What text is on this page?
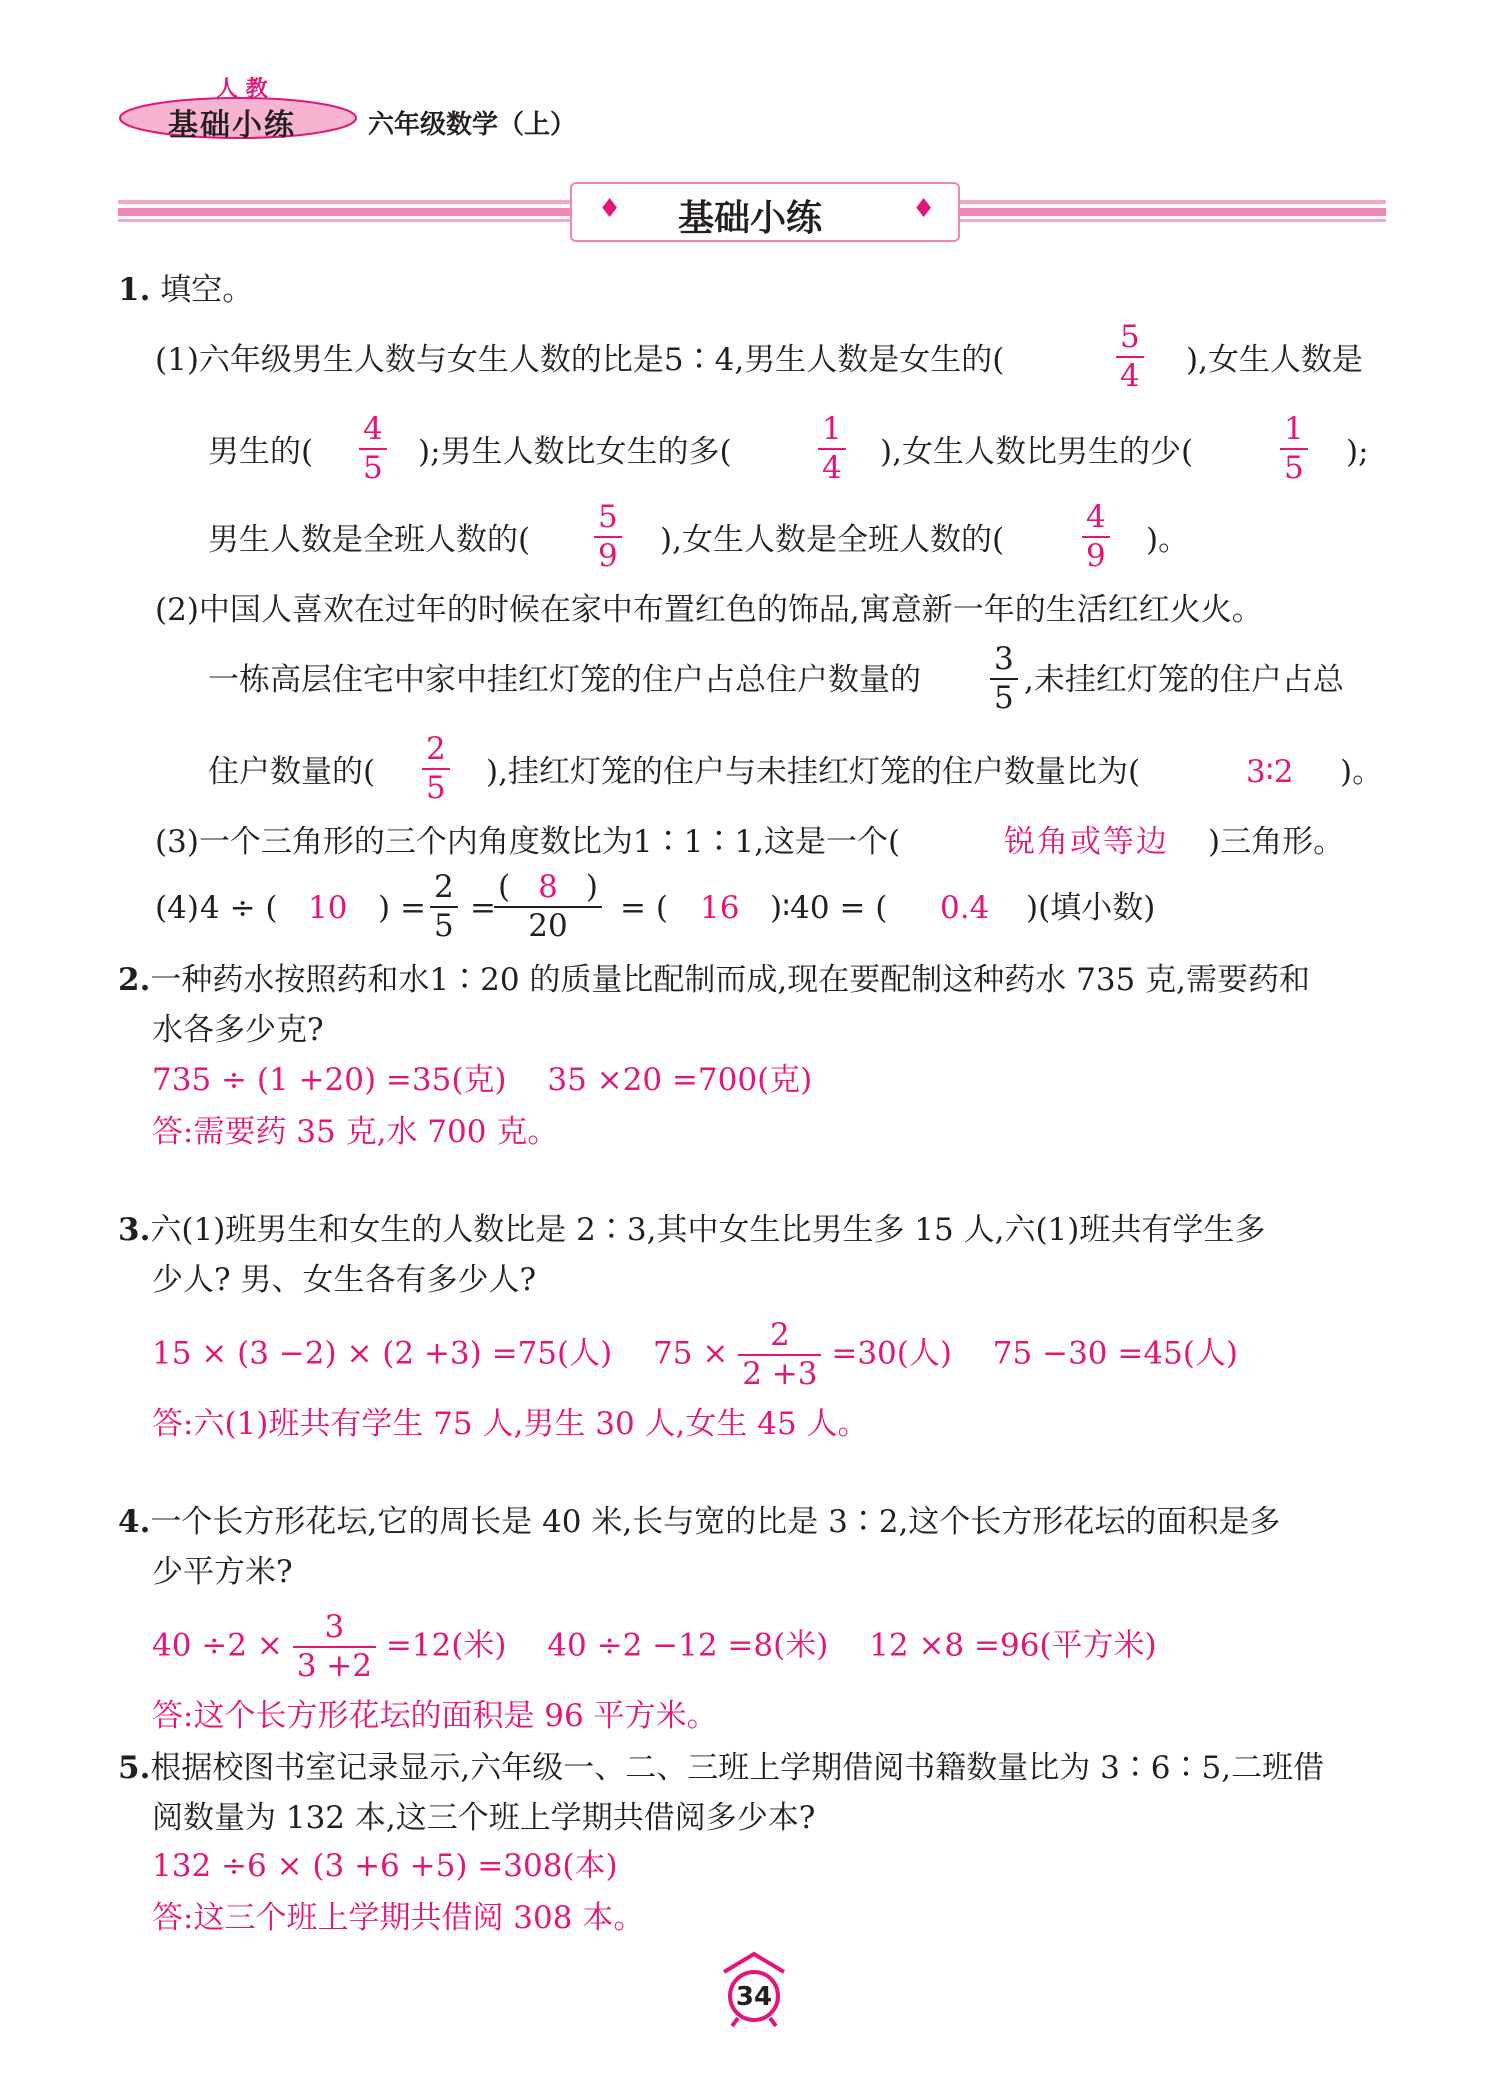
人 教
基础小练	六年级数学（上）
♦ 基础小练	♦
1. 填空。
(1)六年级男生人数与女生人数的比是5∶4,男生人数是女生的(	$\frac{5}{4}$ ),女生人数是
男生的( $\frac{4}{5}$ );男生人数比女生的多(	$\frac{1}{4}$ ),女生人数比男生的少(	$\frac{1}{5}$ );
男生人数是全班人数的( $\frac{5}{9}$ ),女生人数是全班人数的(	$\frac{4}{9}$ )。
(2)中国人喜欢在过年的时候在家中布置红色的饰品,寓意新一年的生活红红火火。
一栋高层住宅中家中挂红灯笼的住户占总住户数量的 $\frac{3}{5}$ ,未挂红灯笼的住户占总
住户数量的( $\frac{2}{5}$ ),挂红灯笼的住户与未挂红灯笼的住户数量比为(	3∶2 )。
(3)一个三角形的三个内角度数比为1∶1∶1,这是一个(	锐角或等边 )三角形。
(4) 4 ÷ ( 10 ) = $\frac{2}{5}$ =
$\frac{( 8 )}{20}$ = ( 16 )∶40 = ( 0.4 )(填小数)
2.一种药水按照药和水1∶20 的质量比配制而成,现在要配制这种药水 735 克,需要药和
水各多少克?
735 ÷ (1 +20) =35(克)　 35 ×20 =700(克)
答:需要药 35 克,水 700 克。
3.六(1)班男生和女生的人数比是 2∶3,其中女生比男生多 15 人,六(1)班共有学生多
少人? 男、女生各有多少人?
15 × (3 −2) × (2 +3) =75(人)　 $75 \times \frac{2}{2 +3} =30$(人)　 75 −30 =45(人)
答:六(1)班共有学生 75 人,男生 30 人,女生 45 人。
4.一个长方形花坛,它的周长是 40 米,长与宽的比是 3∶2,这个长方形花坛的面积是多
少平方米?
$40 \div 2 \times \frac{3}{3 +2} =12$(米)　 40 ÷2 −12 =8(米)　 12 ×8 =96(平方米)
答:这个长方形花坛的面积是 96 平方米。
5.根据校图书室记录显示,六年级一、二、三班上学期借阅书籍数量比为 3∶6∶5,二班借
阅数量为 132 本,这三个班上学期共借阅多少本?
132 ÷6 × (3 +6 +5) =308(本)
答:这三个班上学期共借阅 308 本。
34
